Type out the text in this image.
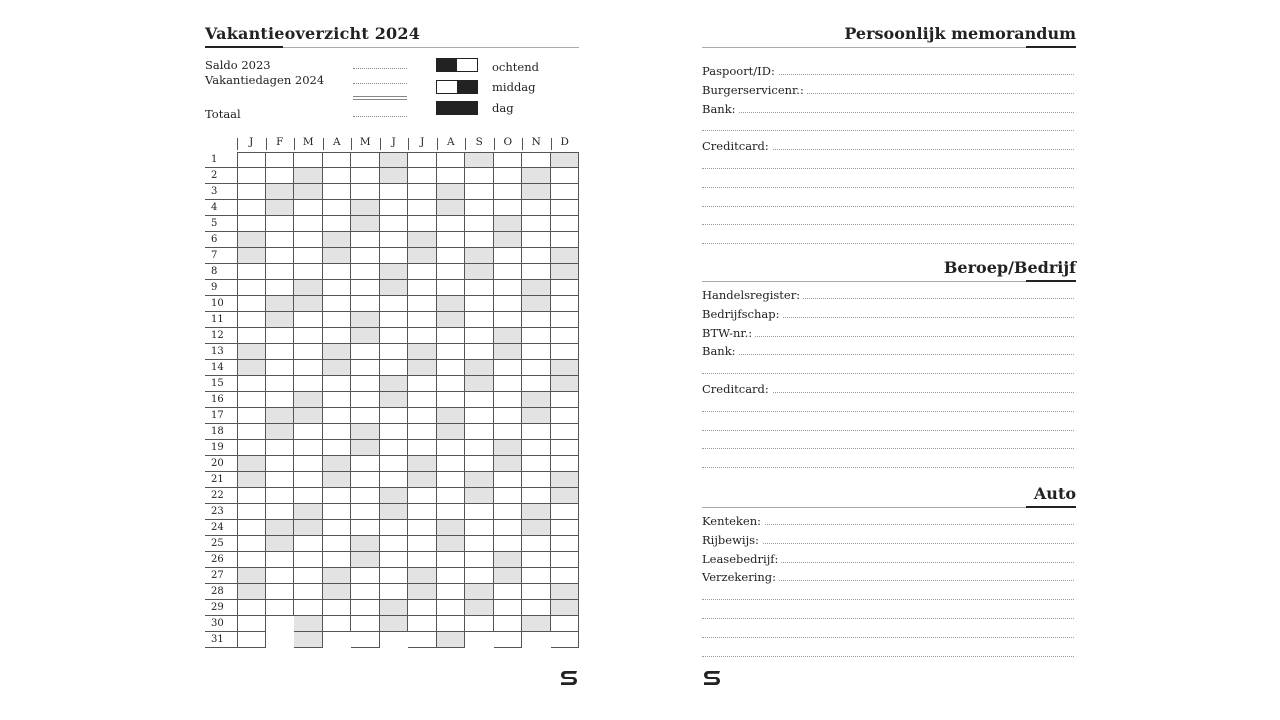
Vakantieoverzicht 2024
Saldo 2023
Vakantiedagen 2024
Totaal
ochtend
middag
dag
J	F	M	A	M	J	J	A	S	O	N	D
1
2
3
4
5
6
7
8
9
10
11
12
13
14
15
16
17
18
19
20
21
22
23
24
25
26
27
28
29
30
31
Persoonlijk memorandum
Paspoort/ID:
Burgerservicenr.:
Bank:
Creditcard:
Beroep/Bedrijf
Handelsregister:
Bedrijfschap:
BTW-nr.:
Bank:
Creditcard:
Auto
Kenteken:
Rijbewijs:
Leasebedrijf:
Verzekering:
